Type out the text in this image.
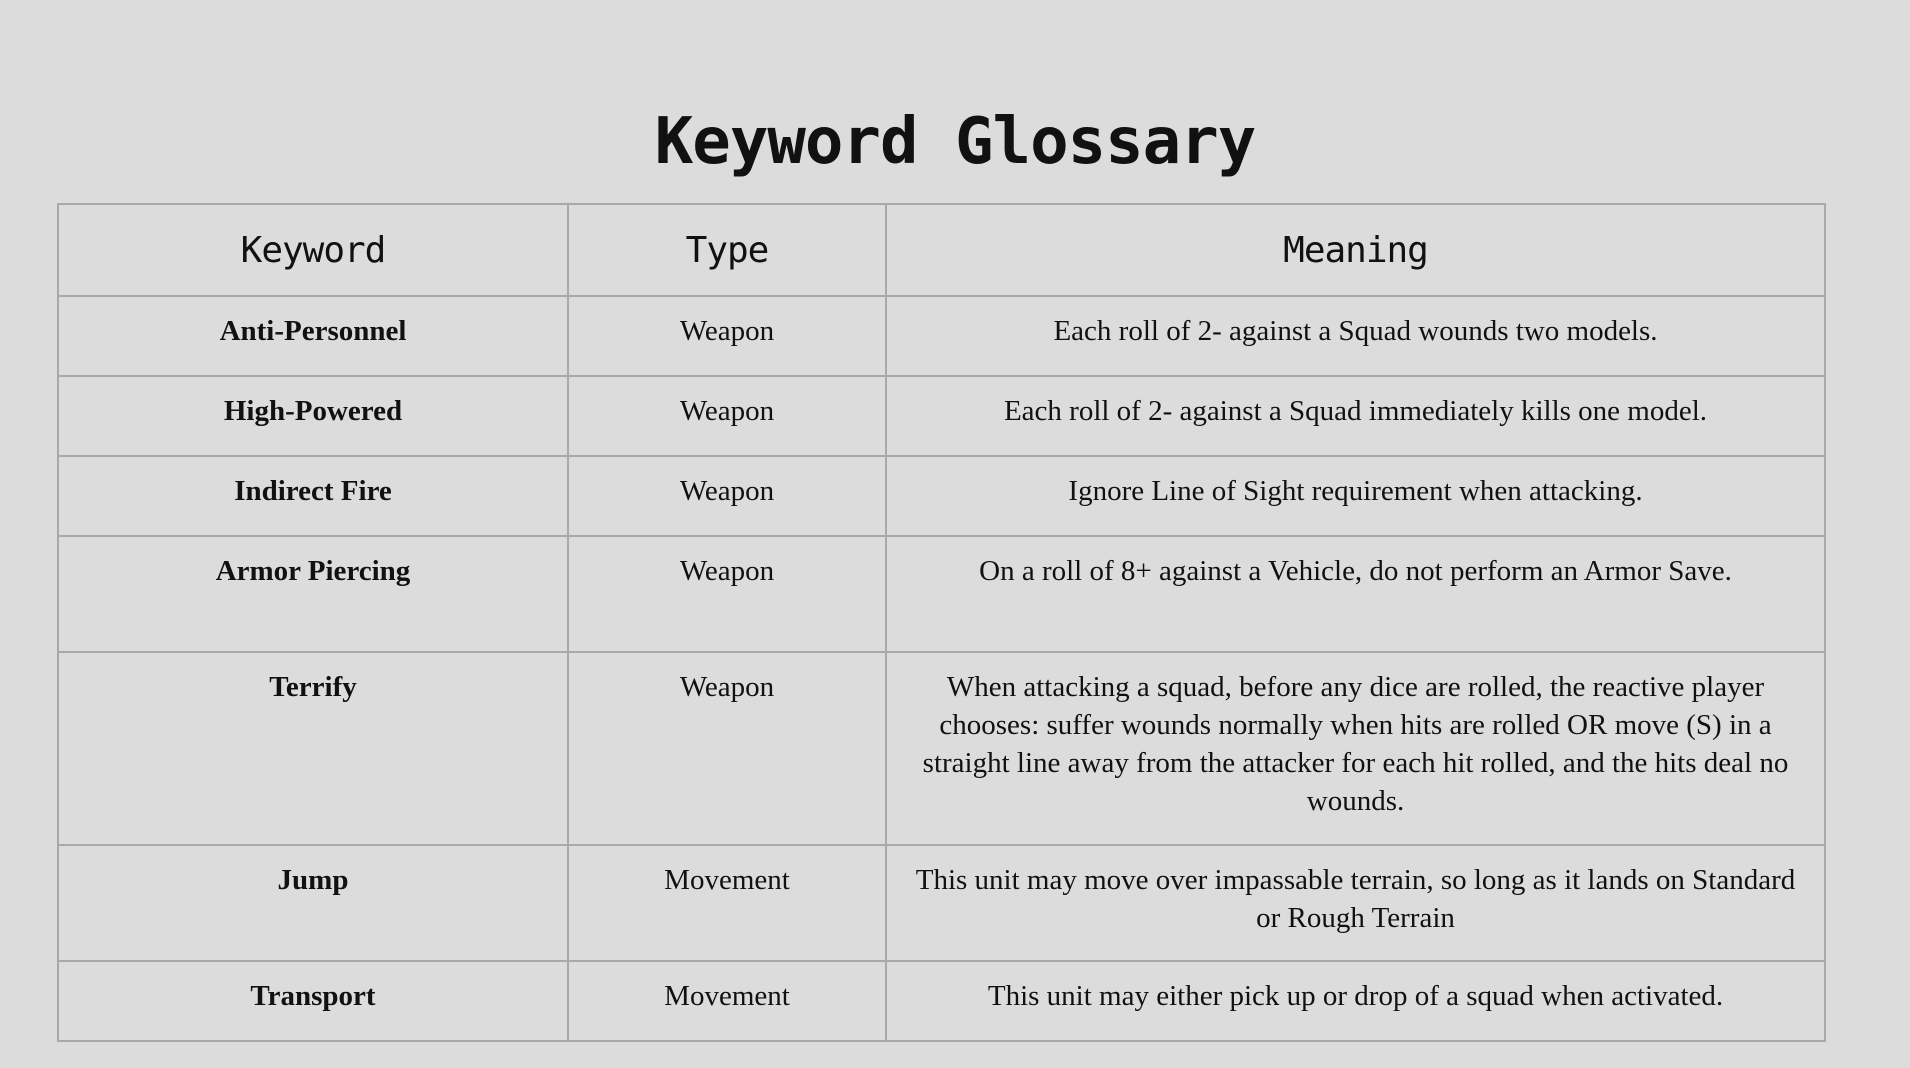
Keyword Glossary
Keyword	Type	Meaning
Anti-Personnel	Weapon	Each roll of 2- against a Squad wounds two models.
High-Powered	Weapon	Each roll of 2- against a Squad immediately kills one model.
Indirect Fire	Weapon	Ignore Line of Sight requirement when attacking.
Armor Piercing	Weapon	On a roll of 8+ against a Vehicle, do not perform an Armor Save.
Terrify	Weapon	When attacking a squad, before any dice are rolled, the reactive player chooses: suffer wounds normally when hits are rolled OR move (S) in a straight line away from the attacker for each hit rolled, and the hits deal no wounds.
Jump	Movement	This unit may move over impassable terrain, so long as it lands on Standard or Rough Terrain
Transport	Movement	This unit may either pick up or drop of a squad when activated.
